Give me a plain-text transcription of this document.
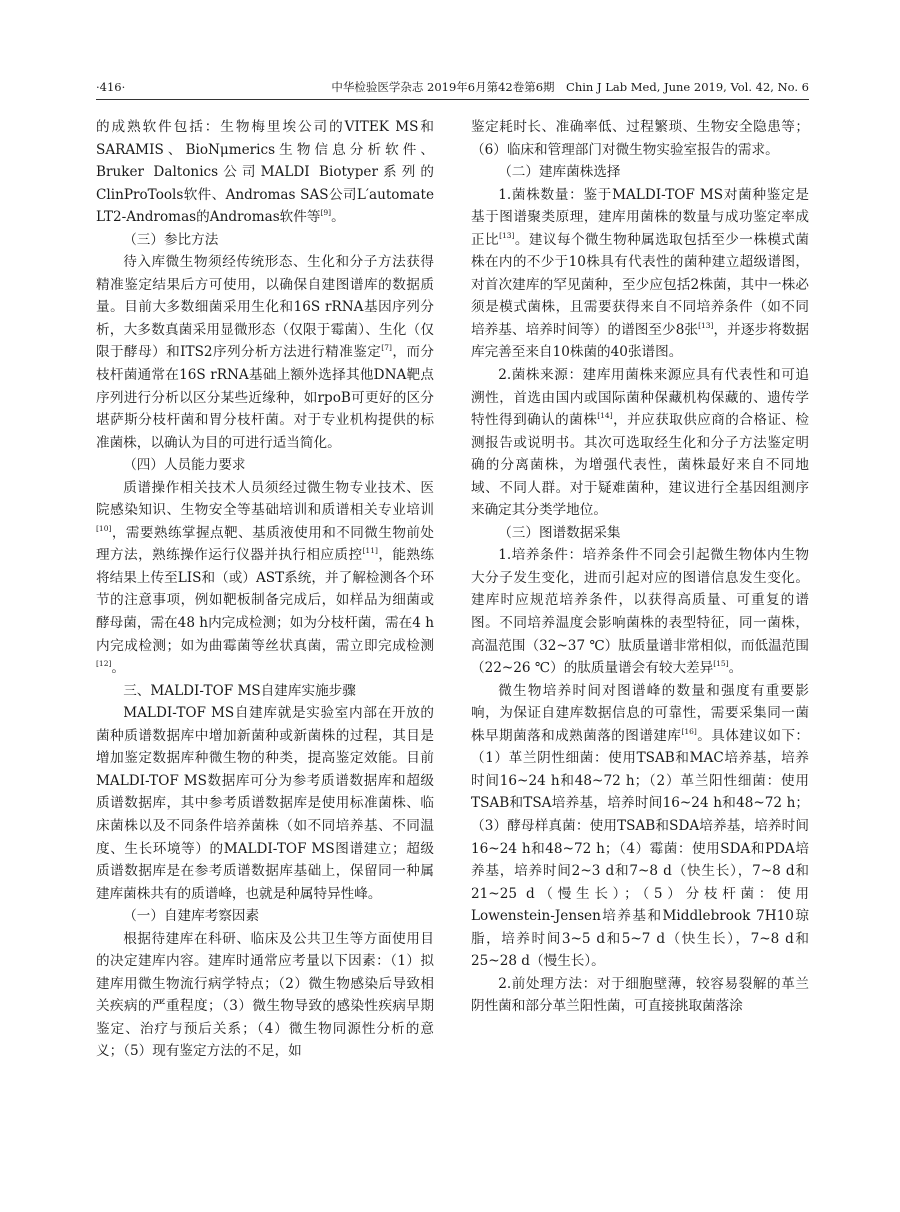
·416·	中华检验医学杂志 2019年6月第42卷第6期　Chin J Lab Med, June 2019, Vol. 42, No. 6

的成熟软件包括：生物梅里埃公司的VITEK MS和SARAMIS、BioNμmerics生物信息分析软件、Bruker Daltonics公司MALDI Biotyper系列的ClinProTools软件、Andromas SAS公司L′automate LT2-Andromas的Andromas软件等[9]。

（三）参比方法

待入库微生物须经传统形态、生化和分子方法获得精准鉴定结果后方可使用，以确保自建图谱库的数据质量。目前大多数细菌采用生化和16S rRNA基因序列分析，大多数真菌采用显微形态（仅限于霉菌）、生化（仅限于酵母）和ITS2序列分析方法进行精准鉴定[7]，而分枝杆菌通常在16S rRNA基础上额外选择其他DNA靶点序列进行分析以区分某些近缘种，如rpoB可更好的区分堪萨斯分枝杆菌和胃分枝杆菌。对于专业机构提供的标准菌株，以确认为目的可进行适当简化。

（四）人员能力要求

质谱操作相关技术人员须经过微生物专业技术、医院感染知识、生物安全等基础培训和质谱相关专业培训[10]，需要熟练掌握点靶、基质液使用和不同微生物前处理方法，熟练操作运行仪器并执行相应质控[11]，能熟练将结果上传至LIS和（或）AST系统，并了解检测各个环节的注意事项，例如靶板制备完成后，如样品为细菌或酵母菌，需在48 h内完成检测；如为分枝杆菌，需在4 h内完成检测；如为曲霉菌等丝状真菌，需立即完成检测[12]。

三、MALDI-TOF MS自建库实施步骤

MALDI-TOF MS自建库就是实验室内部在开放的菌种质谱数据库中增加新菌种或新菌株的过程，其目是增加鉴定数据库种微生物的种类，提高鉴定效能。目前MALDI-TOF MS数据库可分为参考质谱数据库和超级质谱数据库，其中参考质谱数据库是使用标准菌株、临床菌株以及不同条件培养菌株（如不同培养基、不同温度、生长环境等）的MALDI-TOF MS图谱建立；超级质谱数据库是在参考质谱数据库基础上，保留同一种属建库菌株共有的质谱峰，也就是种属特异性峰。

（一）自建库考察因素

根据待建库在科研、临床及公共卫生等方面使用目的决定建库内容。建库时通常应考量以下因素：（1）拟建库用微生物流行病学特点；（2）微生物感染后导致相关疾病的严重程度；（3）微生物导致的感染性疾病早期鉴定、治疗与预后关系；（4）微生物同源性分析的意义；（5）现有鉴定方法的不足，如

鉴定耗时长、准确率低、过程繁琐、生物安全隐患等；（6）临床和管理部门对微生物实验室报告的需求。

（二）建库菌株选择

1.菌株数量：鉴于MALDI-TOF MS对菌种鉴定是基于图谱聚类原理，建库用菌株的数量与成功鉴定率成正比[13]。建议每个微生物种属选取包括至少一株模式菌株在内的不少于10株具有代表性的菌种建立超级谱图，对首次建库的罕见菌种，至少应包括2株菌，其中一株必须是模式菌株，且需要获得来自不同培养条件（如不同培养基、培养时间等）的谱图至少8张[13]，并逐步将数据库完善至来自10株菌的40张谱图。

2.菌株来源：建库用菌株来源应具有代表性和可追溯性，首选由国内或国际菌种保藏机构保藏的、遗传学特性得到确认的菌株[14]，并应获取供应商的合格证、检测报告或说明书。其次可选取经生化和分子方法鉴定明确的分离菌株，为增强代表性，菌株最好来自不同地域、不同人群。对于疑难菌种，建议进行全基因组测序来确定其分类学地位。

（三）图谱数据采集

1.培养条件：培养条件不同会引起微生物体内生物大分子发生变化，进而引起对应的图谱信息发生变化。建库时应规范培养条件，以获得高质量、可重复的谱图。不同培养温度会影响菌株的表型特征，同一菌株，高温范围（32~37 ℃）肽质量谱非常相似，而低温范围（22~26 ℃）的肽质量谱会有较大差异[15]。

微生物培养时间对图谱峰的数量和强度有重要影响，为保证自建库数据信息的可靠性，需要采集同一菌株早期菌落和成熟菌落的图谱建库[16]。具体建议如下：（1）革兰阴性细菌：使用TSAB和MAC培养基，培养时间16~24 h和48~72 h；（2）革兰阳性细菌：使用TSAB和TSA培养基，培养时间16~24 h和48~72 h；（3）酵母样真菌：使用TSAB和SDA培养基，培养时间16~24 h和48~72 h；（4）霉菌：使用SDA和PDA培养基，培养时间2~3 d和7~8 d（快生长），7~8 d和21~25 d（慢生长）；（5）分枝杆菌：使用Lowenstein-Jensen培养基和Middlebrook 7H10琼脂，培养时间3~5 d和5~7 d（快生长），7~8 d和25~28 d（慢生长）。

2.前处理方法：对于细胞壁薄，较容易裂解的革兰阴性菌和部分革兰阳性菌，可直接挑取菌落涂
